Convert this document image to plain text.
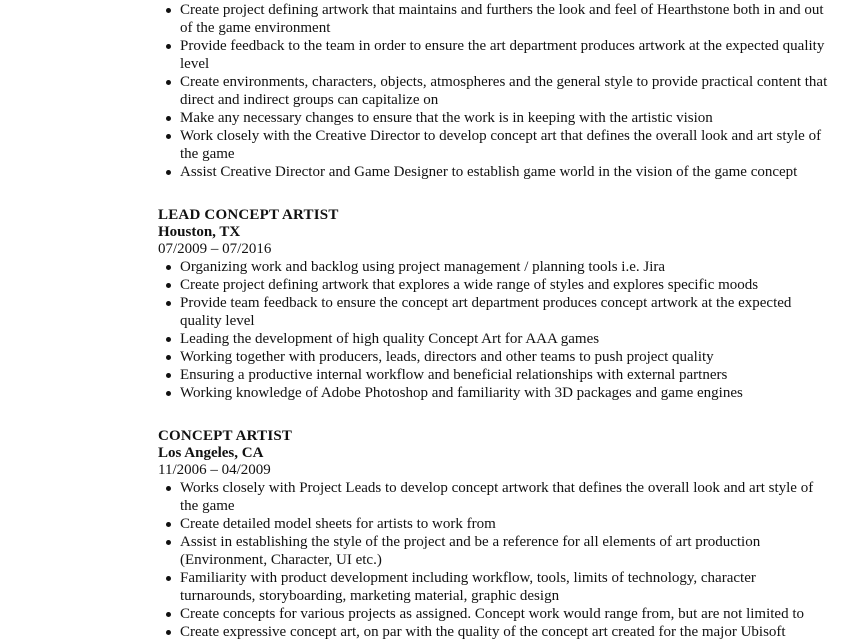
Create project defining artwork that maintains and furthers the look and feel of Hearthstone both in and out of the game environment
Provide feedback to the team in order to ensure the art department produces artwork at the expected quality level
Create environments, characters, objects, atmospheres and the general style to provide practical content that direct and indirect groups can capitalize on
Make any necessary changes to ensure that the work is in keeping with the artistic vision
Work closely with the Creative Director to develop concept art that defines the overall look and art style of the game
Assist Creative Director and Game Designer to establish game world in the vision of the game concept
LEAD CONCEPT ARTIST
Houston, TX
07/2009 – 07/2016
Organizing work and backlog using project management / planning tools i.e. Jira
Create project defining artwork that explores a wide range of styles and explores specific moods
Provide team feedback to ensure the concept art department produces concept artwork at the expected quality level
Leading the development of high quality Concept Art for AAA games
Working together with producers, leads, directors and other teams to push project quality
Ensuring a productive internal workflow and beneficial relationships with external partners
Working knowledge of Adobe Photoshop and familiarity with 3D packages and game engines
CONCEPT ARTIST
Los Angeles, CA
11/2006 – 04/2009
Works closely with Project Leads to develop concept artwork that defines the overall look and art style of the game
Create detailed model sheets for artists to work from
Assist in establishing the style of the project and be a reference for all elements of art production (Environment, Character, UI etc.)
Familiarity with product development including workflow, tools, limits of technology, character turnarounds, storyboarding, marketing material, graphic design
Create concepts for various projects as assigned. Concept work would range from, but are not limited to
Create expressive concept art, on par with the quality of the concept art created for the major Ubisoft
